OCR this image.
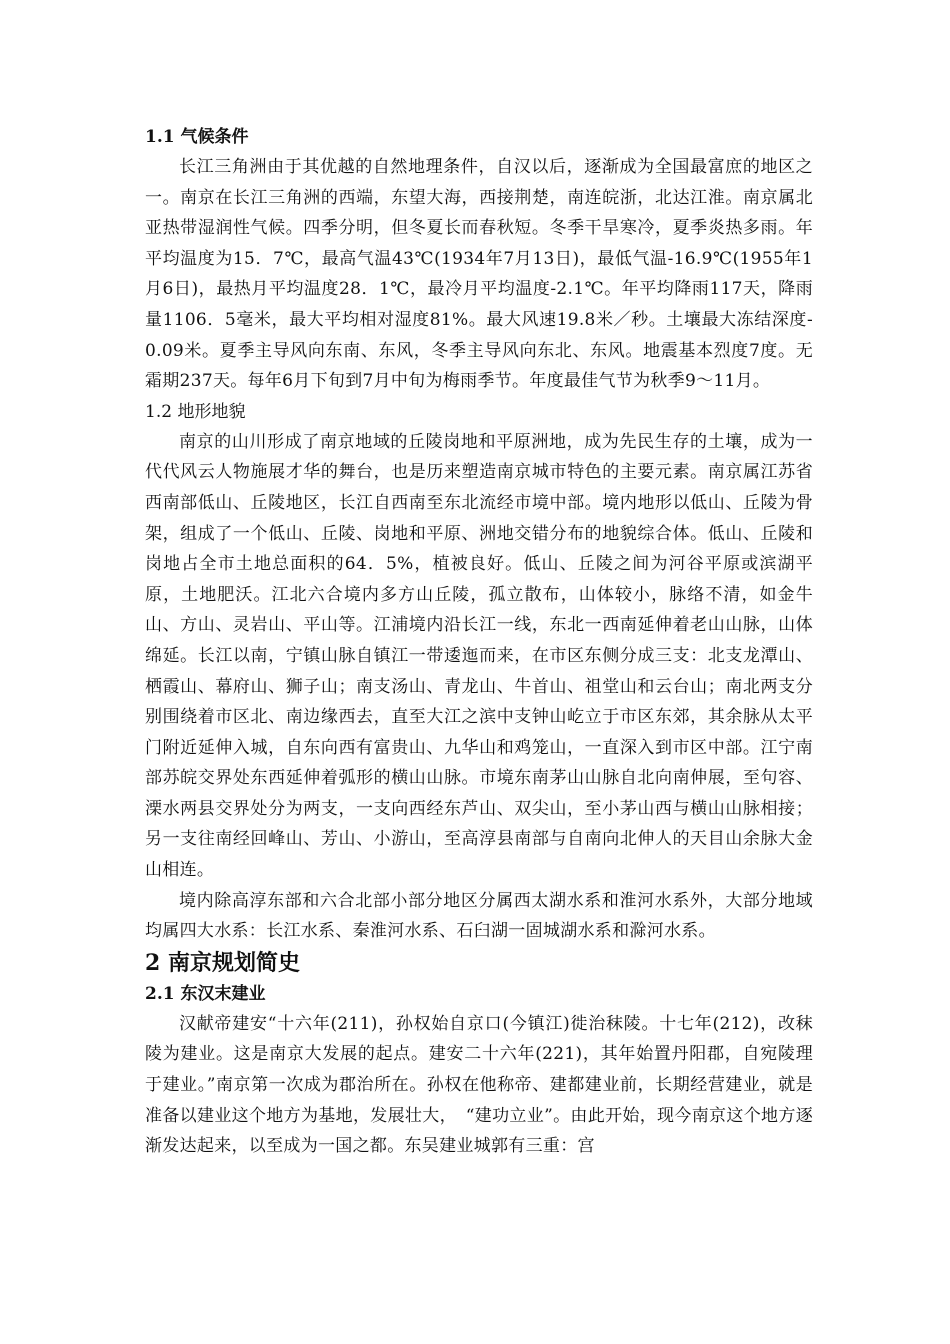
1.1 气候条件

长江三角洲由于其优越的自然地理条件，自汉以后，逐渐成为全国最富庶的地区之一。南京在长江三角洲的西端，东望大海，西接荆楚，南连皖浙，北达江淮。南京属北亚热带湿润性气候。四季分明，但冬夏长而春秋短。冬季干旱寒冷，夏季炎热多雨。年平均温度为15．7℃，最高气温43℃(1934年7月13日)，最低气温-16.9℃(1955年1月6日)，最热月平均温度28．1℃，最冷月平均温度-2.1℃。年平均降雨117天，降雨量1106．5毫米，最大平均相对湿度81%。最大风速19.8米／秒。土壤最大冻结深度-0.09米。夏季主导风向东南、东风，冬季主导风向东北、东风。地震基本烈度7度。无霜期237天。每年6月下旬到7月中旬为梅雨季节。年度最佳气节为秋季9～11月。

1.2 地形地貌

南京的山川形成了南京地域的丘陵岗地和平原洲地，成为先民生存的土壤，成为一代代风云人物施展才华的舞台，也是历来塑造南京城市特色的主要元素。南京属江苏省西南部低山、丘陵地区，长江自西南至东北流经市境中部。境内地形以低山、丘陵为骨架，组成了一个低山、丘陵、岗地和平原、洲地交错分布的地貌综合体。低山、丘陵和岗地占全市土地总面积的64．5%，植被良好。低山、丘陵之间为河谷平原或滨湖平原，土地肥沃。江北六合境内多方山丘陵，孤立散布，山体较小，脉络不清，如金牛山、方山、灵岩山、平山等。江浦境内沿长江一线，东北一西南延伸着老山山脉，山体绵延。长江以南，宁镇山脉自镇江一带逶迤而来，在市区东侧分成三支：北支龙潭山、栖霞山、幕府山、狮子山；南支汤山、青龙山、牛首山、祖堂山和云台山；南北两支分别围绕着市区北、南边缘西去，直至大江之滨中支钟山屹立于市区东郊，其余脉从太平门附近延伸入城，自东向西有富贵山、九华山和鸡笼山，一直深入到市区中部。江宁南部苏皖交界处东西延伸着弧形的横山山脉。市境东南茅山山脉自北向南伸展，至句容、溧水两县交界处分为两支，一支向西经东芦山、双尖山，至小茅山西与横山山脉相接；另一支往南经回峰山、芳山、小游山，至高淳县南部与自南向北伸人的天目山余脉大金山相连。

境内除高淳东部和六合北部小部分地区分属西太湖水系和淮河水系外，大部分地域均属四大水系：长江水系、秦淮河水系、石臼湖一固城湖水系和滁河水系。

2 南京规划简史
2.1 东汉末建业

汉献帝建安“十六年(211)，孙权始自京口(今镇江)徙治秣陵。十七年(212)，改秣陵为建业。这是南京大发展的起点。建安二十六年(221)，其年始置丹阳郡，自宛陵理于建业。”南京第一次成为郡治所在。孙权在他称帝、建都建业前，长期经营建业，就是准备以建业这个地方为基地，发展壮大，　“建功立业”。由此开始，现今南京这个地方逐渐发达起来，以至成为一国之都。东吴建业城郭有三重：宫
